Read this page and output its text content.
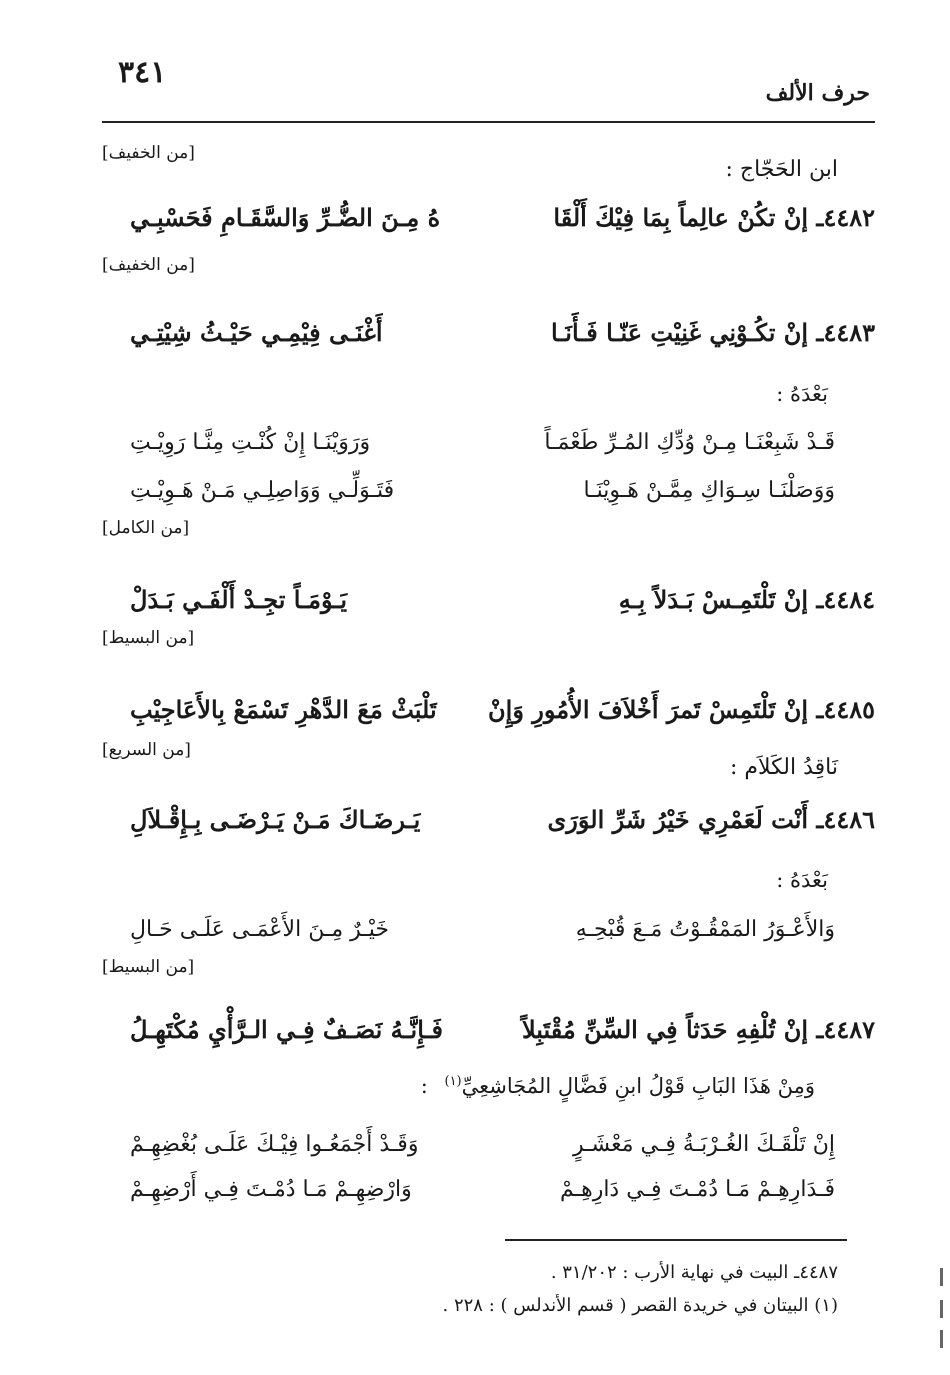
٣٤١
حرف الألف
[من الخفيف]
ابن الحَجّاج :
٤٤٨٢ـ إنْ تكُنْ عالِماً بِمَا فِيْكَ أَلْقَا
هُ مِـنَ الضُّـرِّ وَالسَّقَـامِ فَحَسْبِـي
[من الخفيف]
٤٤٨٣ـ إنْ تكُـوْنِي غَنِيْتِ عَنّـا فَـأَنَـا
أَغْنَـى فِيْمِـي حَيْـثُ شِيْتِـي
بَعْدَهُ :
قَـدْ شَبِعْنَـا مِـنْ وُدِّكِ المُـرِّ طَعْمَـاً
وَرَوَيْنَـا إِنْ كُنْـتِ مِنَّـا رَوِيْـتِ
وَوَصَلْنَـا سِـوَاكِ مِمَّـنْ هَـوِيْنَـا
فَتَـوَلِّـي وَوَاصِلِـي مَـنْ هَـوِيْـتِ
[من الكامل]
٤٤٨٤ـ إنْ تَلْتَمِـسْ بَـدَلاً بِـهِ
يَـوْمَـاً تجِـدْ أَلْفَـي بَـدَلْ
[من البسيط]
٤٤٨٥ـ إنْ تَلْتَمِسْ تَمرَ أَخْلاَفَ الأُمُورِ وَإِنْ
تَلْبَثْ مَعَ الدَّهْرِ تَسْمَعْ بِالأَعَاجِيْبِ
[من السريع]
نَاقِدُ الكَلاَم :
٤٤٨٦ـ أَنْت لَعَمْرِي خَيْرُ شَرِّ الوَرَى
يَـرضَـاكَ مَـنْ يَـرْضَـى بِـإِقْـلاَلِ
بَعْدَهُ :
وَالأَعْـوَرُ المَمْقُـوْتُ مَـعَ قُبْحِـهِ
خَيْـرٌ مِـنَ الأَعْمَـى عَلَـى حَـالِ
[من البسيط]
٤٤٨٧ـ إنْ تُلْفِهِ حَدَثاً فِي السِّنِّ مُقْتَبِلاً
فَـإِنَّـهُ نَصَـفٌ فِـي الـرَّأْيِ مُكْتَهِـلُ
وَمِنْ هَذَا البَابِ قَوْلُ ابنِ فَضَّالٍ المُجَاشِعِيِّ$^{(١)}$ :
إِنْ تَلْقَـكَ الغُـرْبَـةُ فِـي مَعْشَـرٍ
وَقَـدْ أَجْمَعُـوا فِيْـكَ عَلَـى بُغْضِهِـمْ
فَـدَارِهِـمْ مَـا دُمْـتَ فِـي دَارِهِـمْ
وَارْضِهِـمْ مَـا دُمْـتَ فِـي أَرْضِهِـمْ
٤٤٨٧ـ البيت في نهاية الأرب : ٣١/٢٠٢ .
(١) البيتان في خريدة القصر ( قسم الأندلس ) : ٢٢٨ .
